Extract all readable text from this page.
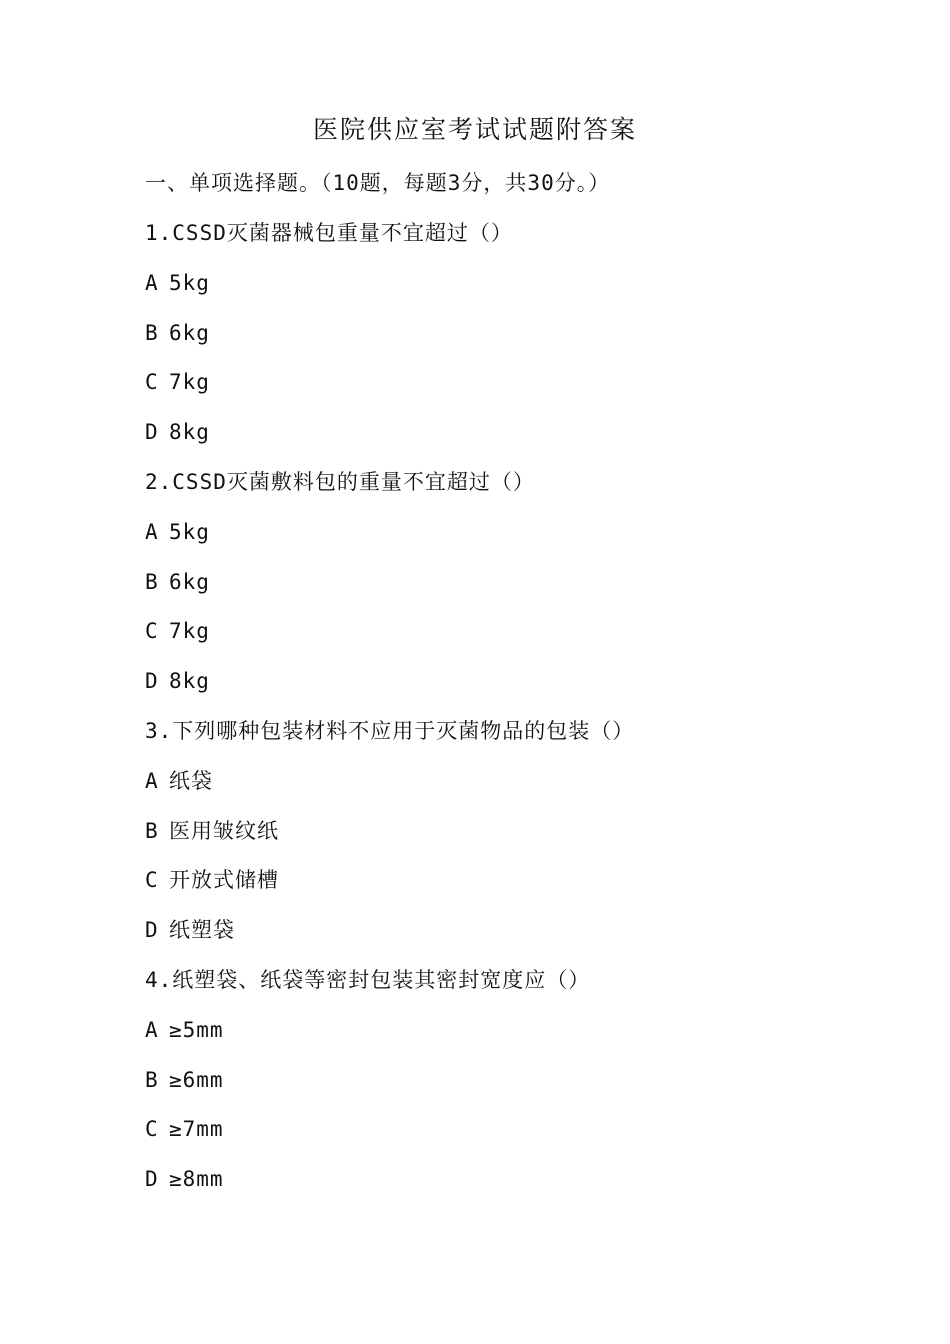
医院供应室考试试题附答案
一、单项选择题。（10题，每题3分，共30分。）
1.CSSD灭菌器械包重量不宜超过（）
A 5kg
B 6kg
C 7kg
D 8kg
2.CSSD灭菌敷料包的重量不宜超过（）
A 5kg
B 6kg
C 7kg
D 8kg
3.下列哪种包装材料不应用于灭菌物品的包装（）
A 纸袋
B 医用皱纹纸
C 开放式储槽
D 纸塑袋
4.纸塑袋、纸袋等密封包装其密封宽度应（）
A ≥5mm
B ≥6mm
C ≥7mm
D ≥8mm
